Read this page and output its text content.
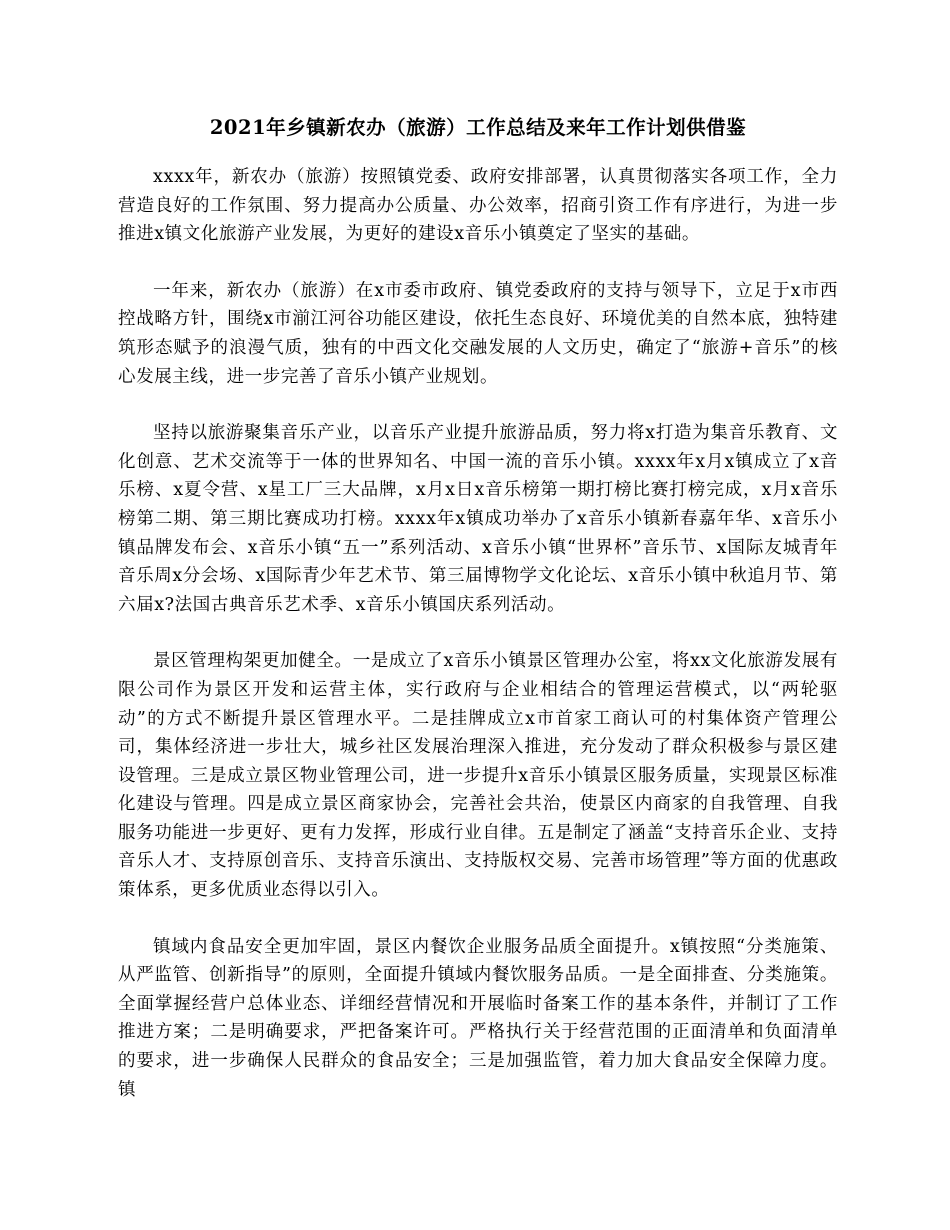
2021年乡镇新农办（旅游）工作总结及来年工作计划供借鉴

xxxx年，新农办（旅游）按照镇党委、政府安排部署，认真贯彻落实各项工作，全力营造良好的工作氛围、努力提高办公质量、办公效率，招商引资工作有序进行，为进一步推进x镇文化旅游产业发展，为更好的建设x音乐小镇奠定了坚实的基础。

一年来，新农办（旅游）在x市委市政府、镇党委政府的支持与领导下，立足于x市西控战略方针，围绕x市湔江河谷功能区建设，依托生态良好、环境优美的自然本底，独特建筑形态赋予的浪漫气质，独有的中西文化交融发展的人文历史，确定了“旅游+音乐”的核心发展主线，进一步完善了音乐小镇产业规划。

坚持以旅游聚集音乐产业，以音乐产业提升旅游品质，努力将x打造为集音乐教育、文化创意、艺术交流等于一体的世界知名、中国一流的音乐小镇。xxxx年x月x镇成立了x音乐榜、x夏令营、x星工厂三大品牌，x月x日x音乐榜第一期打榜比赛打榜完成，x月x音乐榜第二期、第三期比赛成功打榜。xxxx年x镇成功举办了x音乐小镇新春嘉年华、x音乐小镇品牌发布会、x音乐小镇“五一”系列活动、x音乐小镇“世界杯”音乐节、x国际友城青年音乐周x分会场、x国际青少年艺术节、第三届博物学文化论坛、x音乐小镇中秋追月节、第六届x?法国古典音乐艺术季、x音乐小镇国庆系列活动。

景区管理构架更加健全。一是成立了x音乐小镇景区管理办公室，将xx文化旅游发展有限公司作为景区开发和运营主体，实行政府与企业相结合的管理运营模式，以“两轮驱动”的方式不断提升景区管理水平。二是挂牌成立x市首家工商认可的村集体资产管理公司，集体经济进一步壮大，城乡社区发展治理深入推进，充分发动了群众积极参与景区建设管理。三是成立景区物业管理公司，进一步提升x音乐小镇景区服务质量，实现景区标准化建设与管理。四是成立景区商家协会，完善社会共治，使景区内商家的自我管理、自我服务功能进一步更好、更有力发挥，形成行业自律。五是制定了涵盖“支持音乐企业、支持音乐人才、支持原创音乐、支持音乐演出、支持版权交易、完善市场管理”等方面的优惠政策体系，更多优质业态得以引入。

镇域内食品安全更加牢固，景区内餐饮企业服务品质全面提升。x镇按照“分类施策、从严监管、创新指导”的原则，全面提升镇域内餐饮服务品质。一是全面排查、分类施策。全面掌握经营户总体业态、详细经营情况和开展临时备案工作的基本条件，并制订了工作推进方案；二是明确要求，严把备案许可。严格执行关于经营范围的正面清单和负面清单的要求，进一步确保人民群众的食品安全；三是加强监管，着力加大食品安全保障力度。镇
